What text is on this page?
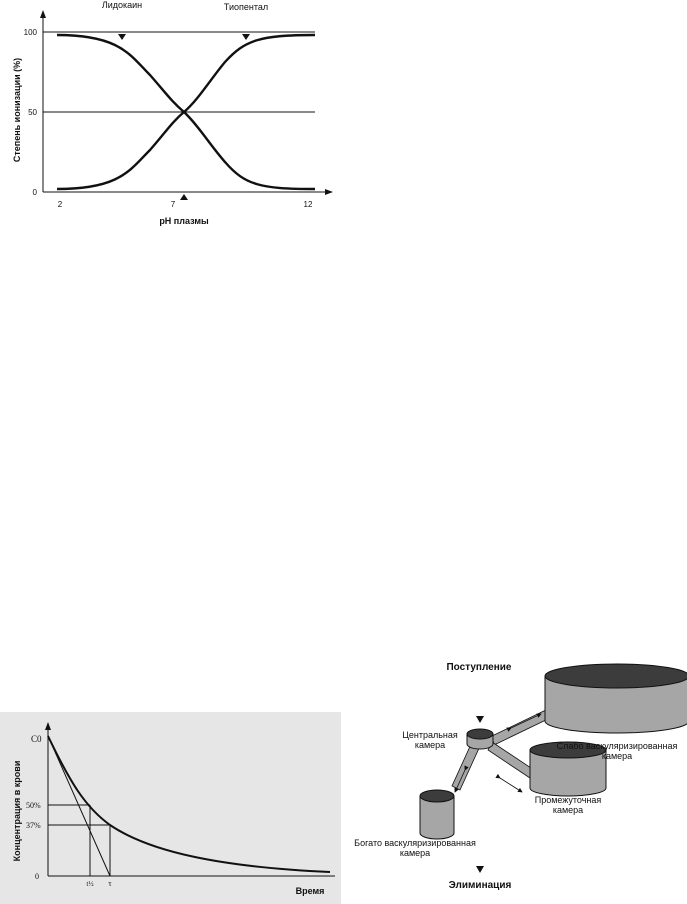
Лидокаин	Тиопентал
100
50
0
2	7	12
рН плазмы
Степень ионизации (%)
C0
50%
37%
0
t½ τ
Время
Концентрация в крови
Поступление
Центральная камера	Слабо васкуляризированная камера
Промежуточная камера
Богато васкуляризированная камера
Элиминация
